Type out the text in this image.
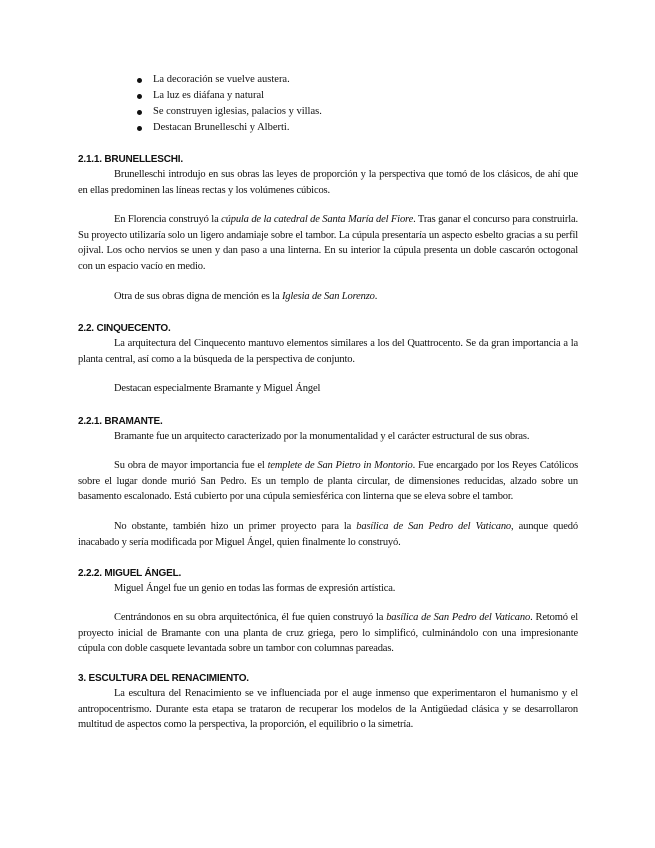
La decoración se vuelve austera.
La luz es diáfana y natural
Se construyen iglesias, palacios y villas.
Destacan Brunelleschi y Alberti.
2.1.1. BRUNELLESCHI.

Brunelleschi introdujo en sus obras las leyes de proporción y la perspectiva que tomó de los clásicos, de ahí que en ellas predominen las líneas rectas y los volúmenes cúbicos.

En Florencia construyó la cúpula de la catedral de Santa María del Fiore. Tras ganar el concurso para construirla. Su proyecto utilizaría solo un ligero andamiaje sobre el tambor. La cúpula presentaría un aspecto esbelto gracias a su perfil ojival. Los ocho nervios se unen y dan paso a una linterna. En su interior la cúpula presenta un doble cascarón octogonal con un espacio vacío en medio.

Otra de sus obras digna de mención es la Iglesia de San Lorenzo.

2.2. CINQUECENTO.

La arquitectura del Cinquecento mantuvo elementos similares a los del Quattrocento. Se da gran importancia a la planta central, así como a la búsqueda de la perspectiva de conjunto.

Destacan especialmente Bramante y Miguel Ángel

2.2.1. BRAMANTE.

Bramante fue un arquitecto caracterizado por la monumentalidad y el carácter estructural de sus obras.

Su obra de mayor importancia fue el templete de San Pietro in Montorio. Fue encargado por los Reyes Católicos sobre el lugar donde murió San Pedro. Es un templo de planta circular, de dimensiones reducidas, alzado sobre un basamento escalonado. Está cubierto por una cúpula semiesférica con linterna que se eleva sobre el tambor.

No obstante, también hizo un primer proyecto para la basílica de San Pedro del Vaticano, aunque quedó inacabado y sería modificada por Miguel Ángel, quien finalmente lo construyó.

2.2.2. MIGUEL ÁNGEL.

Miguel Ángel fue un genio en todas las formas de expresión artística.

Centrándonos en su obra arquitectónica, él fue quien construyó la basílica de San Pedro del Vaticano. Retomó el proyecto inicial de Bramante con una planta de cruz griega, pero lo simplificó, culminándolo con una impresionante cúpula con doble casquete levantada sobre un tambor con columnas pareadas.

3. ESCULTURA DEL RENACIMIENTO.

La escultura del Renacimiento se ve influenciada por el auge inmenso que experimentaron el humanismo y el antropocentrismo. Durante esta etapa se trataron de recuperar los modelos de la Antigüedad clásica y se desarrollaron multitud de aspectos como la perspectiva, la proporción, el equilibrio o la simetría.
